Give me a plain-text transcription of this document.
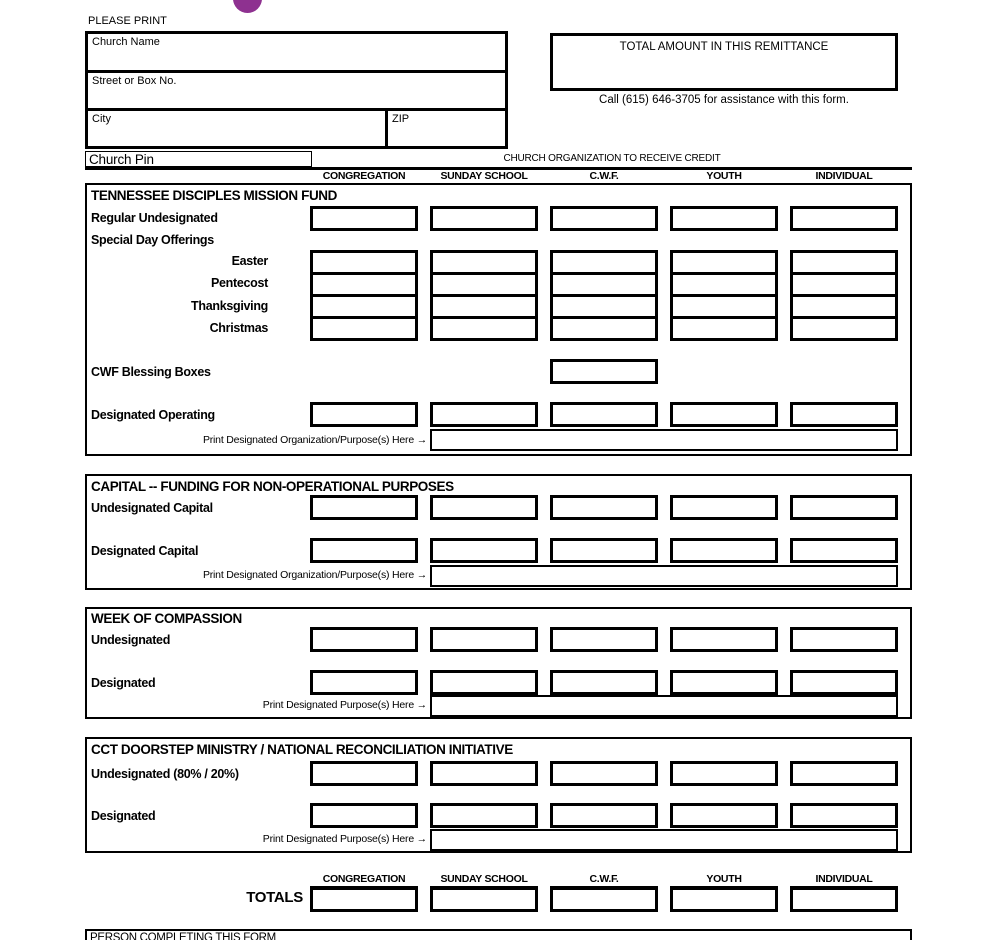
PLEASE PRINT
Church Name
Street or Box No.
City	ZIP
TOTAL AMOUNT IN THIS REMITTANCE
Call (615) 646-3705 for assistance with this form.
Church Pin	CHURCH ORGANIZATION TO RECEIVE CREDIT
CONGREGATION	SUNDAY SCHOOL	C.W.F.	YOUTH	INDIVIDUAL
TENNESSEE DISCIPLES MISSION FUND
Regular Undesignated
Special Day Offerings
Easter
Pentecost
Thanksgiving
Christmas
CWF Blessing Boxes
Designated Operating
Print Designated Organization/Purpose(s) Here →
CAPITAL -- FUNDING FOR NON-OPERATIONAL PURPOSES
Undesignated Capital
Designated Capital
Print Designated Organization/Purpose(s) Here →
WEEK OF COMPASSION
Undesignated
Designated
Print Designated Purpose(s) Here →
CCT DOORSTEP MINISTRY / NATIONAL RECONCILIATION INITIATIVE
Undesignated (80% / 20%)
Designated
Print Designated Purpose(s) Here →
CONGREGATION	SUNDAY SCHOOL	C.W.F.	YOUTH	INDIVIDUAL
TOTALS
PERSON COMPLETING THIS FORM
